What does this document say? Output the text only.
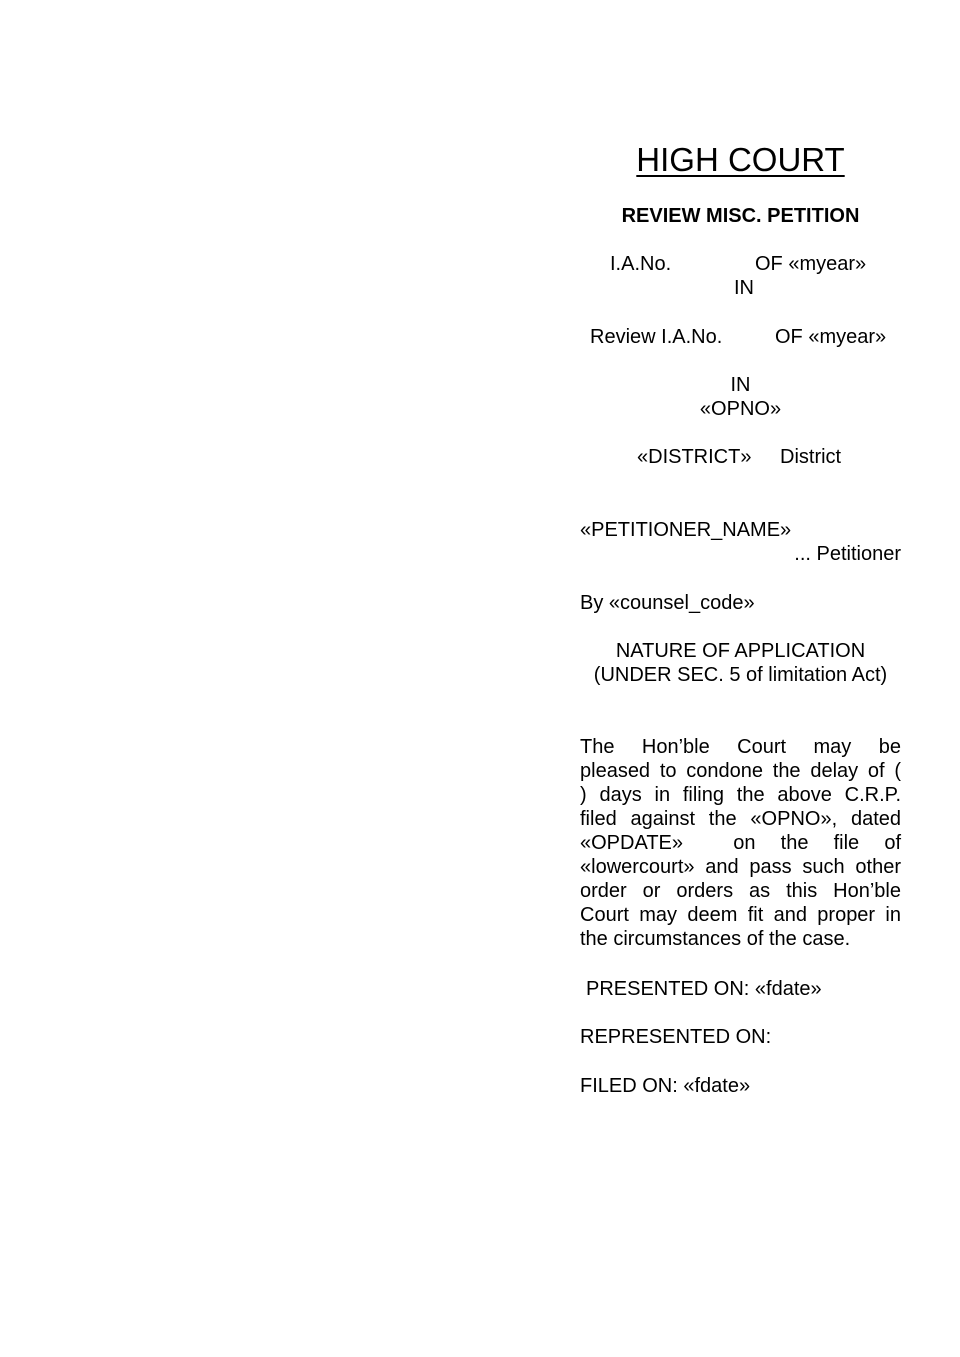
HIGH COURT
REVIEW MISC. PETITION
I.A.No.	OF «myear»
IN
Review I.A.No.	OF «myear»
IN
«OPNO»
«DISTRICT» District
«PETITIONER_NAME»
... Petitioner
By «counsel_code»
NATURE OF APPLICATION
(UNDER SEC. 5 of limitation Act)
The Hon’ble Court may be
pleased to condone the delay of (
) days in filing the above C.R.P.
filed against the «OPNO», dated
«OPDATE»  on the file of
«lowercourt» and pass such other
order or orders as this Hon’ble
Court may deem fit and proper in
the circumstances of the case.
PRESENTED ON: «fdate»
REPRESENTED ON:
FILED ON: «fdate»
